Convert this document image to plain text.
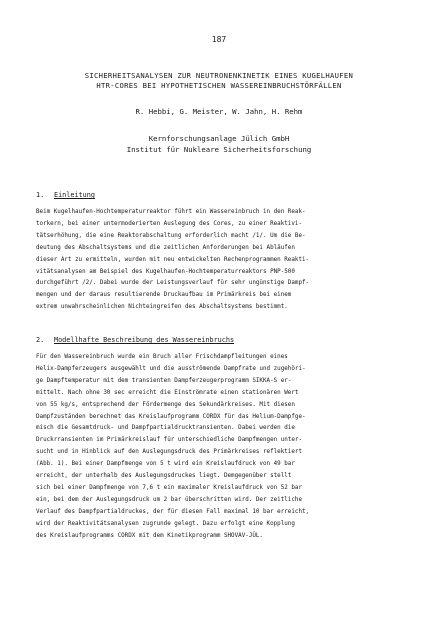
187
SICHERHEITSANALYSEN ZUR NEUTRONENKINETIK EINES KUGELHAUFEN
HTR-CORES BEI HYPOTHETISCHEN WASSEREINBRUCHSTÖRFÄLLEN
R. Hebbi, G. Meister, W. Jahn, H. Rehm
Kernforschungsanlage Jülich GmbH
Institut für Nukleare Sicherheitsforschung
1. Einleitung
Beim Kugelhaufen-Hochtemperaturreaktor führt ein Wassereinbruch in den Reak-
torkern, bei einer untermoderierten Auslegung des Cores, zu einer Reaktivi-
tätserhöhung, die eine Reaktorabschaltung erforderlich macht /1/. Um die Be-
deutung des Abschaltsystems und die zeitlichen Anforderungen bei Abläufen
dieser Art zu ermitteln, wurden mit neu entwickelten Rechenprogrammen Reakti-
vitätsanalysen am Beispiel des Kugelhaufen-Hochtemperaturreaktors PNP-500
durchgeführt /2/. Dabei wurde der Leistungsverlauf für sehr ungünstige Dampf-
mengen und der daraus resultierende Druckaufbau im Primärkreis bei einem
extrem unwahrscheinlichen Nichteingreifen des Abschaltsystems bestimmt.
2. Modellhafte Beschreibung des Wassereinbruchs
Für den Wassereinbruch wurde ein Bruch aller Frischdampfleitungen eines
Helix-Dampferzeugers ausgewählt und die ausströmende Dampfrate und zugehöri-
ge Dampftemperatur mit dem transienten Dampferzeugerprogramm SIKKA-S er-
mittelt. Nach ohne 30 sec erreicht die Einströmrate einen stationären Wert
von 55 kg/s, entsprechend der Fördermenge des Sekundärkreises. Mit diesen
Dampfzuständen berechnet das Kreislaufprogramm CORDX für das Helium-Dampfge-
misch die Gesamtdruck- und Dampfpartialdrucktransienten. Dabei werden die
Druckrransienten im Primärkreislauf für unterschiedliche Dampfmengen unter-
sucht und in Hinblick auf den Auslegungsdruck des Primärkreises reflektiert
(Abb. 1). Bei einer Dampfmenge von 5 t wird ein Kreislaufdruck von 49 bar
erreicht, der unterhalb des Auslegungsdruckes liegt. Demgegenüber stellt
sich bei einer Dampfmenge von 7,6 t ein maximaler Kreislaufdruck von 52 bar
ein, bei dem der Auslegungsdruck um 2 bar überschritten wird. Der zeitliche
Verlauf des Dampfpartialdruckes, der für diesen Fall maximal 10 bar erreicht,
wird der Reaktivitätsanalysen zugrunde gelegt. Dazu erfolgt eine Kopplung
des Kreislaufprogramms CORDX mit dem Kinetikprogramm SHOVAV-JÜL.
